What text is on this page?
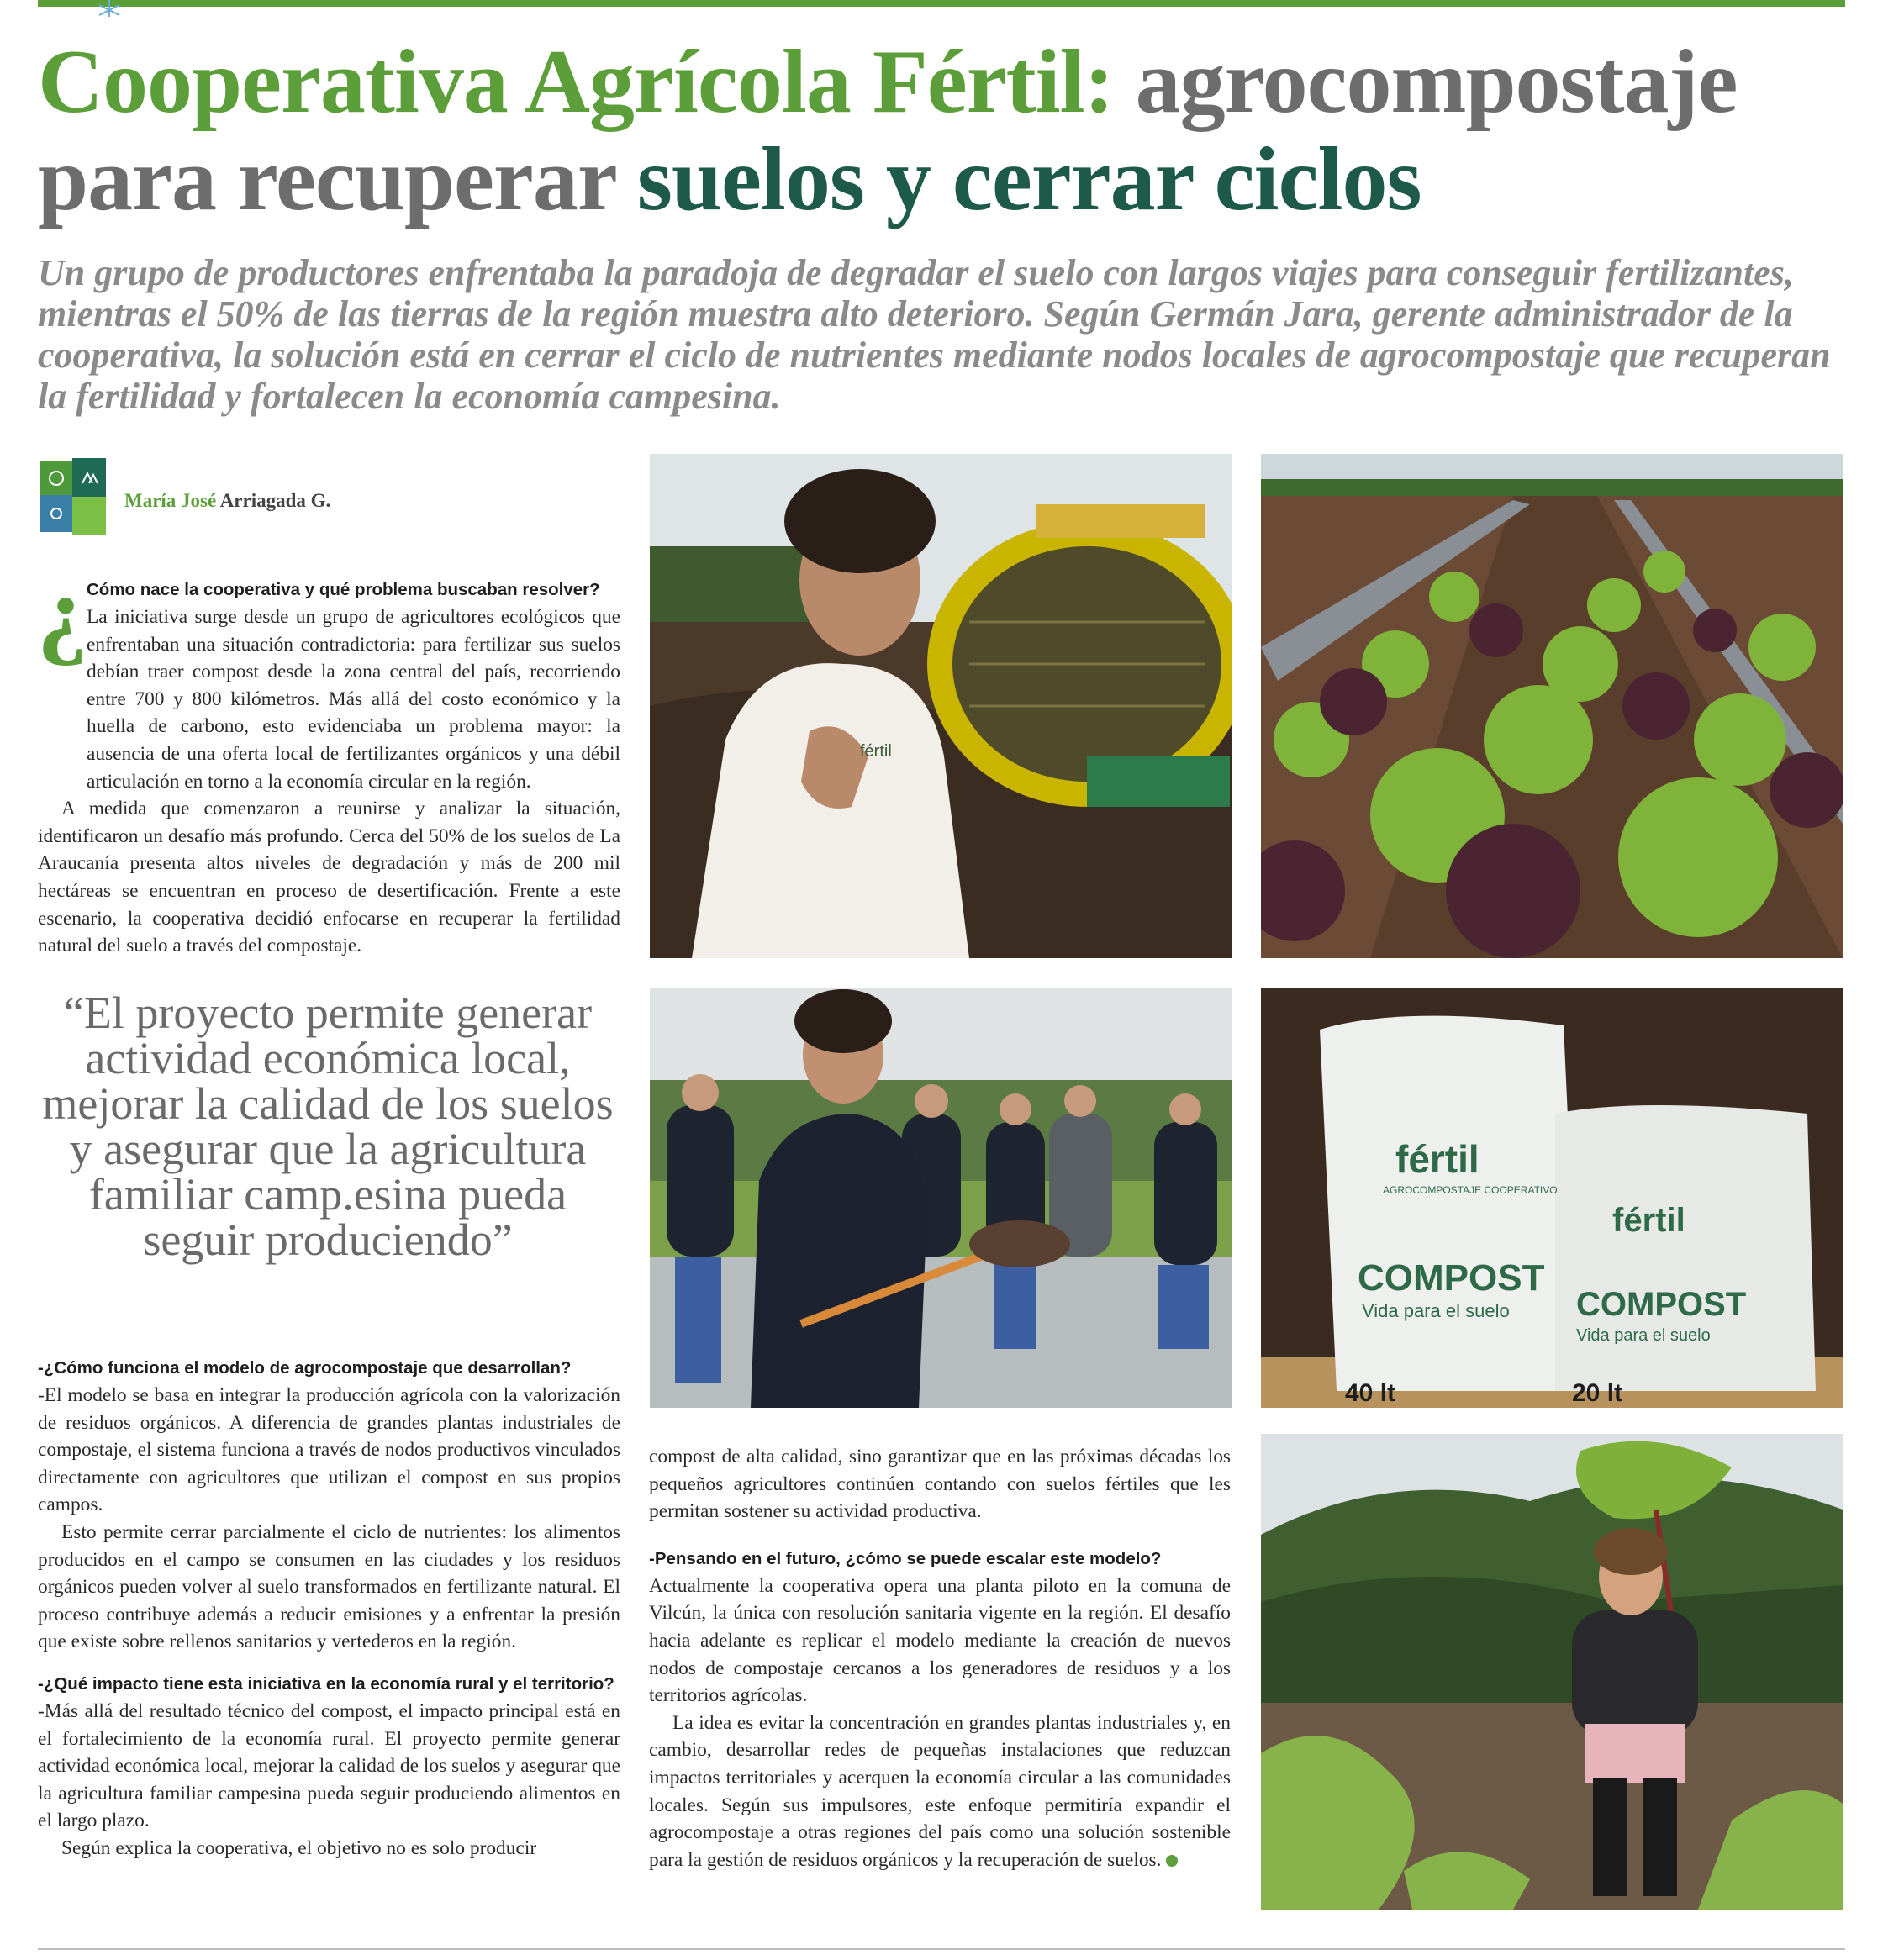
Cooperativa Agrícola Fértil: agrocompostaje
para recuperar suelos y cerrar ciclos

Un grupo de productores enfrentaba la paradoja de degradar el suelo con largos viajes para conseguir fertilizantes, mientras el 50% de las tierras de la región muestra alto deterioro. Según Germán Jara, gerente administrador de la cooperativa, la solución está en cerrar el ciclo de nutrientes mediante nodos locales de agrocompostaje que recuperan la fertilidad y fortalecen la economía campesina.

María José Arriagada G.
¿ Cómo nace la cooperativa y qué problema buscaban resolver?

La iniciativa surge desde un grupo de agricultores ecológicos que enfrentaban una situación contradictoria: para fertilizar sus suelos debían traer compost desde la zona central del país, recorriendo entre 700 y 800 kilómetros. Más allá del costo económico y la huella de carbono, esto evidenciaba un problema mayor: la ausencia de una oferta local de fertilizantes orgánicos y una débil articulación en torno a la economía circular en la región.

A medida que comenzaron a reunirse y analizar la situación, identificaron un desafío más profundo. Cerca del 50% de los suelos de La Araucanía presenta altos niveles de degradación y más de 200 mil hectáreas se encuentran en proceso de desertificación. Frente a este escenario, la cooperativa decidió enfocarse en recuperar la fertilidad natural del suelo a través del compostaje.

“El proyecto permite generar actividad económica local, mejorar la calidad de los suelos y asegurar que la agricultura familiar camp.esina pueda seguir produciendo”
-¿Cómo funciona el modelo de agrocompostaje que desarrollan?

-El modelo se basa en integrar la producción agrícola con la valorización de residuos orgánicos. A diferencia de grandes plantas industriales de compostaje, el sistema funciona a través de nodos productivos vinculados directamente con agricultores que utilizan el compost en sus propios campos.

Esto permite cerrar parcialmente el ciclo de nutrientes: los alimentos producidos en el campo se consumen en las ciudades y los residuos orgánicos pueden volver al suelo transformados en fertilizante natural. El proceso contribuye además a reducir emisiones y a enfrentar la presión que existe sobre rellenos sanitarios y vertederos en la región.

-¿Qué impacto tiene esta iniciativa en la economía rural y el territorio?

-Más allá del resultado técnico del compost, el impacto principal está en el fortalecimiento de la economía rural. El proyecto permite generar actividad económica local, mejorar la calidad de los suelos y asegurar que la agricultura familiar campesina pueda seguir produciendo alimentos en el largo plazo.

Según explica la cooperativa, el objetivo no es solo producir

compost de alta calidad, sino garantizar que en las próximas décadas los pequeños agricultores continúen contando con suelos fértiles que les permitan sostener su actividad productiva.

-Pensando en el futuro, ¿cómo se puede escalar este modelo?

Actualmente la cooperativa opera una planta piloto en la comuna de Vilcún, la única con resolución sanitaria vigente en la región. El desafío hacia adelante es replicar el modelo mediante la creación de nuevos nodos de compostaje cercanos a los generadores de residuos y a los territorios agrícolas.

La idea es evitar la concentración en grandes plantas industriales y, en cambio, desarrollar redes de pequeñas instalaciones que reduzcan impactos territoriales y acerquen la economía circular a las comunidades locales. Según sus impulsores, este enfoque permitiría expandir el agrocompostaje a otras regiones del país como una solución sostenible para la gestión de residuos orgánicos y la recuperación de suelos.

fértil
fértil
AGROCOMPOSTAJE COOPERATIVO
COMPOST
Vida para el suelo
40 lt
fértil
COMPOST
Vida para el suelo
20 lt
